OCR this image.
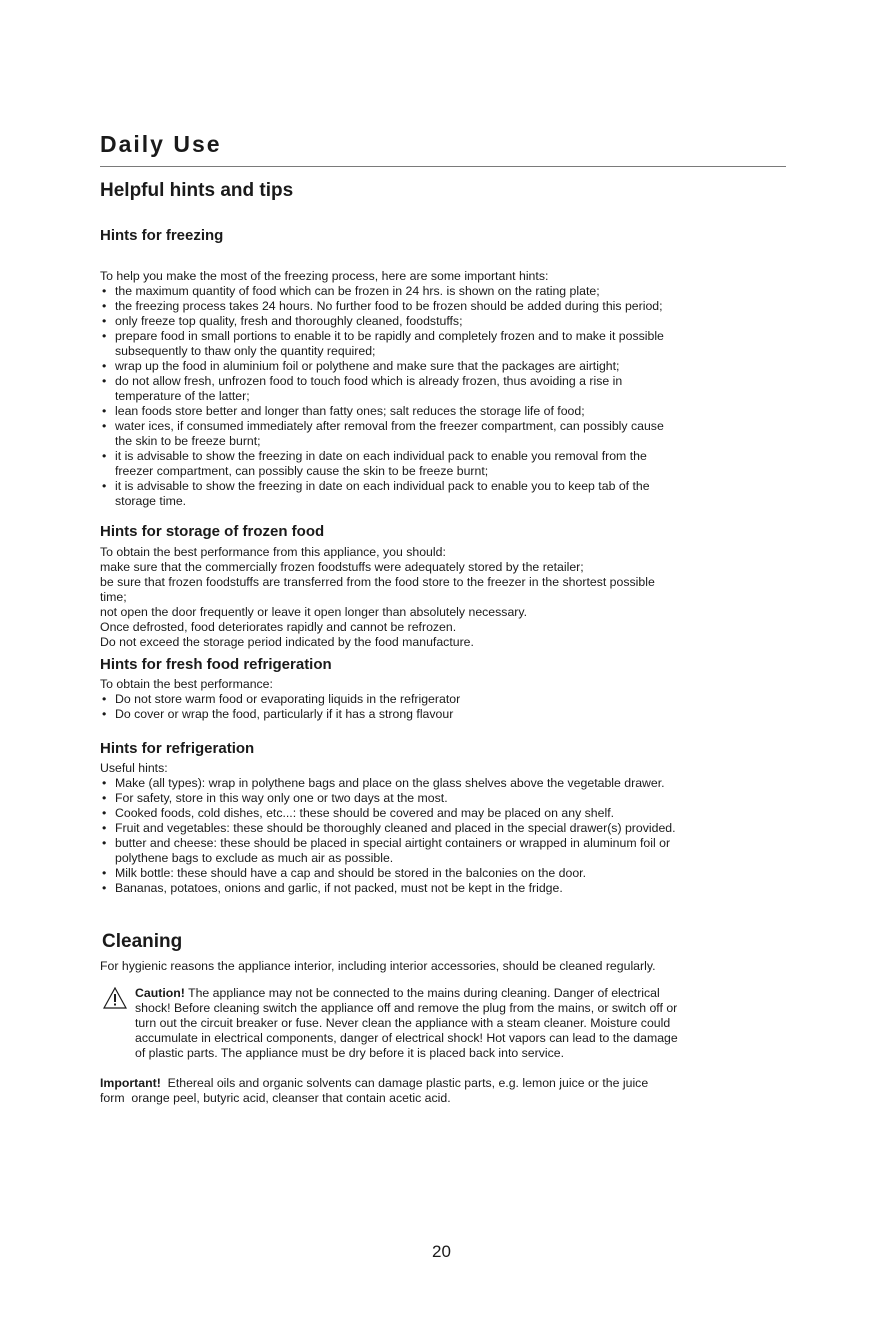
Daily Use
Helpful hints and tips
Hints for freezing
To help you make the most of the freezing process, here are some important hints:
• the maximum quantity of food which can be frozen in 24 hrs. is shown on the rating plate;
• the freezing process takes 24 hours. No further food to be frozen should be added during this period;
• only freeze top quality, fresh and thoroughly cleaned, foodstuffs;
• prepare food in small portions to enable it to be rapidly and completely frozen and to make it possible
subsequently to thaw only the quantity required;
• wrap up the food in aluminium foil or polythene and make sure that the packages are airtight;
• do not allow fresh, unfrozen food to touch food which is already frozen, thus avoiding a rise in
temperature of the latter;
• lean foods store better and longer than fatty ones; salt reduces the storage life of food;
• water ices, if consumed immediately after removal from the freezer compartment, can possibly cause
the skin to be freeze burnt;
• it is advisable to show the freezing in date on each individual pack to enable you removal from the
freezer compartment, can possibly cause the skin to be freeze burnt;
• it is advisable to show the freezing in date on each individual pack to enable you to keep tab of the
storage time.
Hints for storage of frozen food
To obtain the best performance from this appliance, you should:
make sure that the commercially frozen foodstuffs were adequately stored by the retailer;
be sure that frozen foodstuffs are transferred from the food store to the freezer in the shortest possible
time;
not open the door frequently or leave it open longer than absolutely necessary.
Once defrosted, food deteriorates rapidly and cannot be refrozen.
Do not exceed the storage period indicated by the food manufacture.
Hints for fresh food refrigeration
To obtain the best performance:
• Do not store warm food or evaporating liquids in the refrigerator
• Do cover or wrap the food, particularly if it has a strong flavour
Hints for refrigeration
Useful hints:
• Make (all types): wrap in polythene bags and place on the glass shelves above the vegetable drawer.
• For safety, store in this way only one or two days at the most.
• Cooked foods, cold dishes, etc...: these should be covered and may be placed on any shelf.
• Fruit and vegetables: these should be thoroughly cleaned and placed in the special drawer(s) provided.
• butter and cheese: these should be placed in special airtight containers or wrapped in aluminum foil or
polythene bags to exclude as much air as possible.
• Milk bottle: these should have a cap and should be stored in the balconies on the door.
• Bananas, potatoes, onions and garlic, if not packed, must not be kept in the fridge.
Cleaning
For hygienic reasons the appliance interior, including interior accessories, should be cleaned regularly.
Caution! The appliance may not be connected to the mains during cleaning. Danger of electrical
shock! Before cleaning switch the appliance off and remove the plug from the mains, or switch off or
turn out the circuit breaker or fuse. Never clean the appliance with a steam cleaner. Moisture could
accumulate in electrical components, danger of electrical shock! Hot vapors can lead to the damage
of plastic parts. The appliance must be dry before it is placed back into service.
Important!  Ethereal oils and organic solvents can damage plastic parts, e.g. lemon juice or the juice
form  orange peel, butyric acid, cleanser that contain acetic acid.
20
